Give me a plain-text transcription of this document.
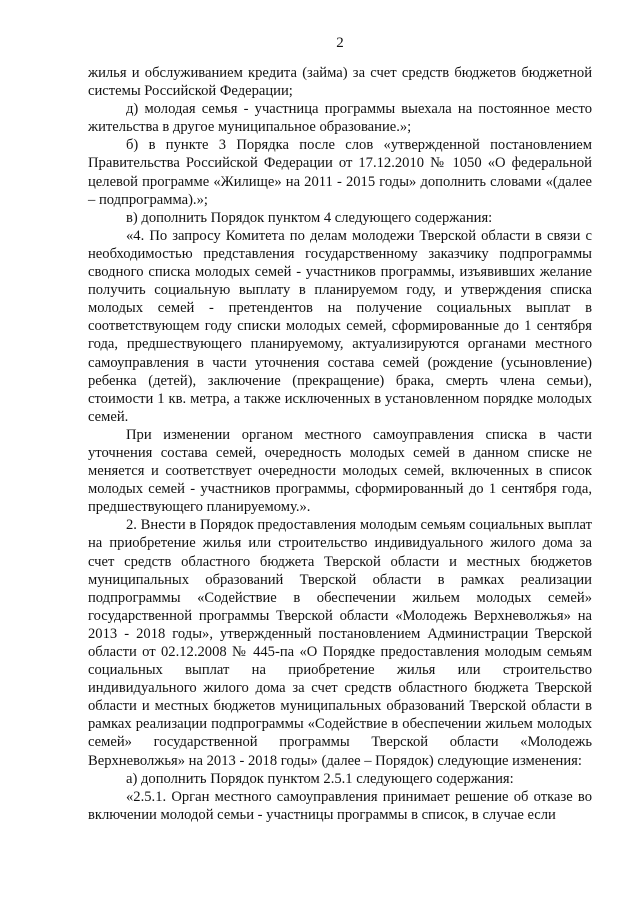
2

жилья и обслуживанием кредита (займа) за счет средств бюджетов бюджетной системы Российской Федерации;

д) молодая семья - участница программы выехала на постоянное место жительства в другое муниципальное образование.»;

б) в пункте 3 Порядка после слов «утвержденной постановлением Правительства Российской Федерации от 17.12.2010 № 1050 «О федеральной целевой программе «Жилище» на 2011 - 2015 годы» дополнить словами «(далее – подпрограмма).»;

в) дополнить Порядок пунктом 4 следующего содержания:

«4. По запросу Комитета по делам молодежи Тверской области в связи с необходимостью представления государственному заказчику подпрограммы сводного списка молодых семей - участников программы, изъявивших желание получить социальную выплату в планируемом году, и утверждения списка молодых семей - претендентов на получение социальных выплат в соответствующем году списки молодых семей, сформированные до 1 сентября года, предшествующего планируемому, актуализируются органами местного самоуправления в части уточнения состава семей (рождение (усыновление) ребенка (детей), заключение (прекращение) брака, смерть члена семьи), стоимости 1 кв. метра, а также исключенных в установленном порядке молодых семей.

При изменении органом местного самоуправления списка в части уточнения состава семей, очередность молодых семей в данном списке не меняется и соответствует очередности молодых семей, включенных в список молодых семей - участников программы, сформированный до 1 сентября года, предшествующего планируемому.».

2. Внести в Порядок предоставления молодым семьям социальных выплат на приобретение жилья или строительство индивидуального жилого дома за счет средств областного бюджета Тверской области и местных бюджетов муниципальных образований Тверской области в рамках реализации подпрограммы «Содействие в обеспечении жильем молодых семей» государственной программы Тверской области «Молодежь Верхневолжья» на 2013 - 2018 годы», утвержденный постановлением Администрации Тверской области от 02.12.2008 № 445-па «О Порядке предоставления молодым семьям социальных выплат на приобретение жилья или строительство индивидуального жилого дома за счет средств областного бюджета Тверской области и местных бюджетов муниципальных образований Тверской области в рамках реализации подпрограммы «Содействие в обеспечении жильем молодых семей» государственной программы Тверской области «Молодежь Верхневолжья» на 2013 - 2018 годы» (далее – Порядок) следующие изменения:

а) дополнить Порядок пунктом 2.5.1 следующего содержания:

«2.5.1. Орган местного самоуправления принимает решение об отказе во включении молодой семьи - участницы программы в список, в случае если
